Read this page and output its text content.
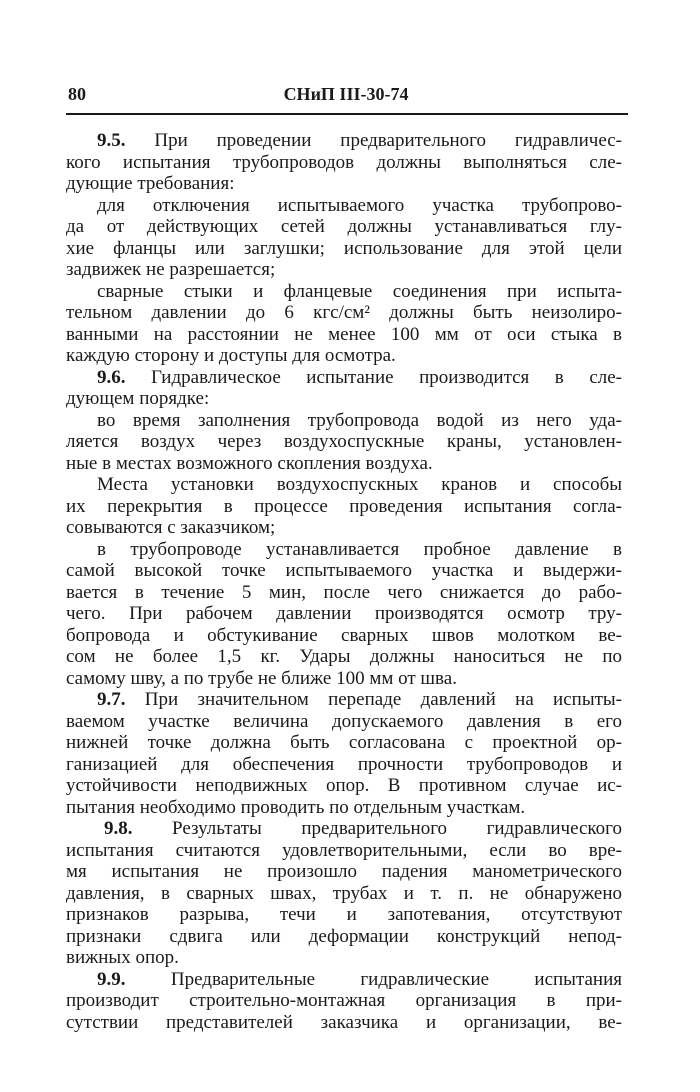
80	СНиП III-30-74
9.5. При проведении предварительного гидравличес-
кого испытания трубопроводов должны выполняться сле-
дующие требования:
для отключения испытываемого участка трубопрово-
да от действующих сетей должны устанавливаться глу-
хие фланцы или заглушки; использование для этой цели
задвижек не разрешается;
сварные стыки и фланцевые соединения при испыта-
тельном давлении до 6 кгс/см² должны быть неизолиро-
ванными на расстоянии не менее 100 мм от оси стыка в
каждую сторону и доступы для осмотра.
9.6. Гидравлическое испытание производится в сле-
дующем порядке:
во время заполнения трубопровода водой из него уда-
ляется воздух через воздухоспускные краны, установлен-
ные в местах возможного скопления воздуха.
Места установки воздухоспускных кранов и способы
их перекрытия в процессе проведения испытания согла-
совываются с заказчиком;
в трубопроводе устанавливается пробное давление в
самой высокой точке испытываемого участка и выдержи-
вается в течение 5 мин, после чего снижается до рабо-
чего. При рабочем давлении производятся осмотр тру-
бопровода и обстукивание сварных швов молотком ве-
сом не более 1,5 кг. Удары должны наноситься не по
самому шву, а по трубе не ближе 100 мм от шва.
9.7. При значительном перепаде давлений на испыты-
ваемом участке величина допускаемого давления в его
нижней точке должна быть согласована с проектной ор-
ганизацией для обеспечения прочности трубопроводов и
устойчивости неподвижных опор. В противном случае ис-
пытания необходимо проводить по отдельным участкам.
9.8. Результаты предварительного гидравлического
испытания считаются удовлетворительными, если во вре-
мя испытания не произошло падения манометрического
давления, в сварных швах, трубах и т. п. не обнаружено
признаков разрыва, течи и запотевания, отсутствуют
признаки сдвига или деформации конструкций непод-
вижных опор.
9.9. Предварительные гидравлические испытания
производит строительно-монтажная организация в при-
сутствии представителей заказчика и организации, ве-
